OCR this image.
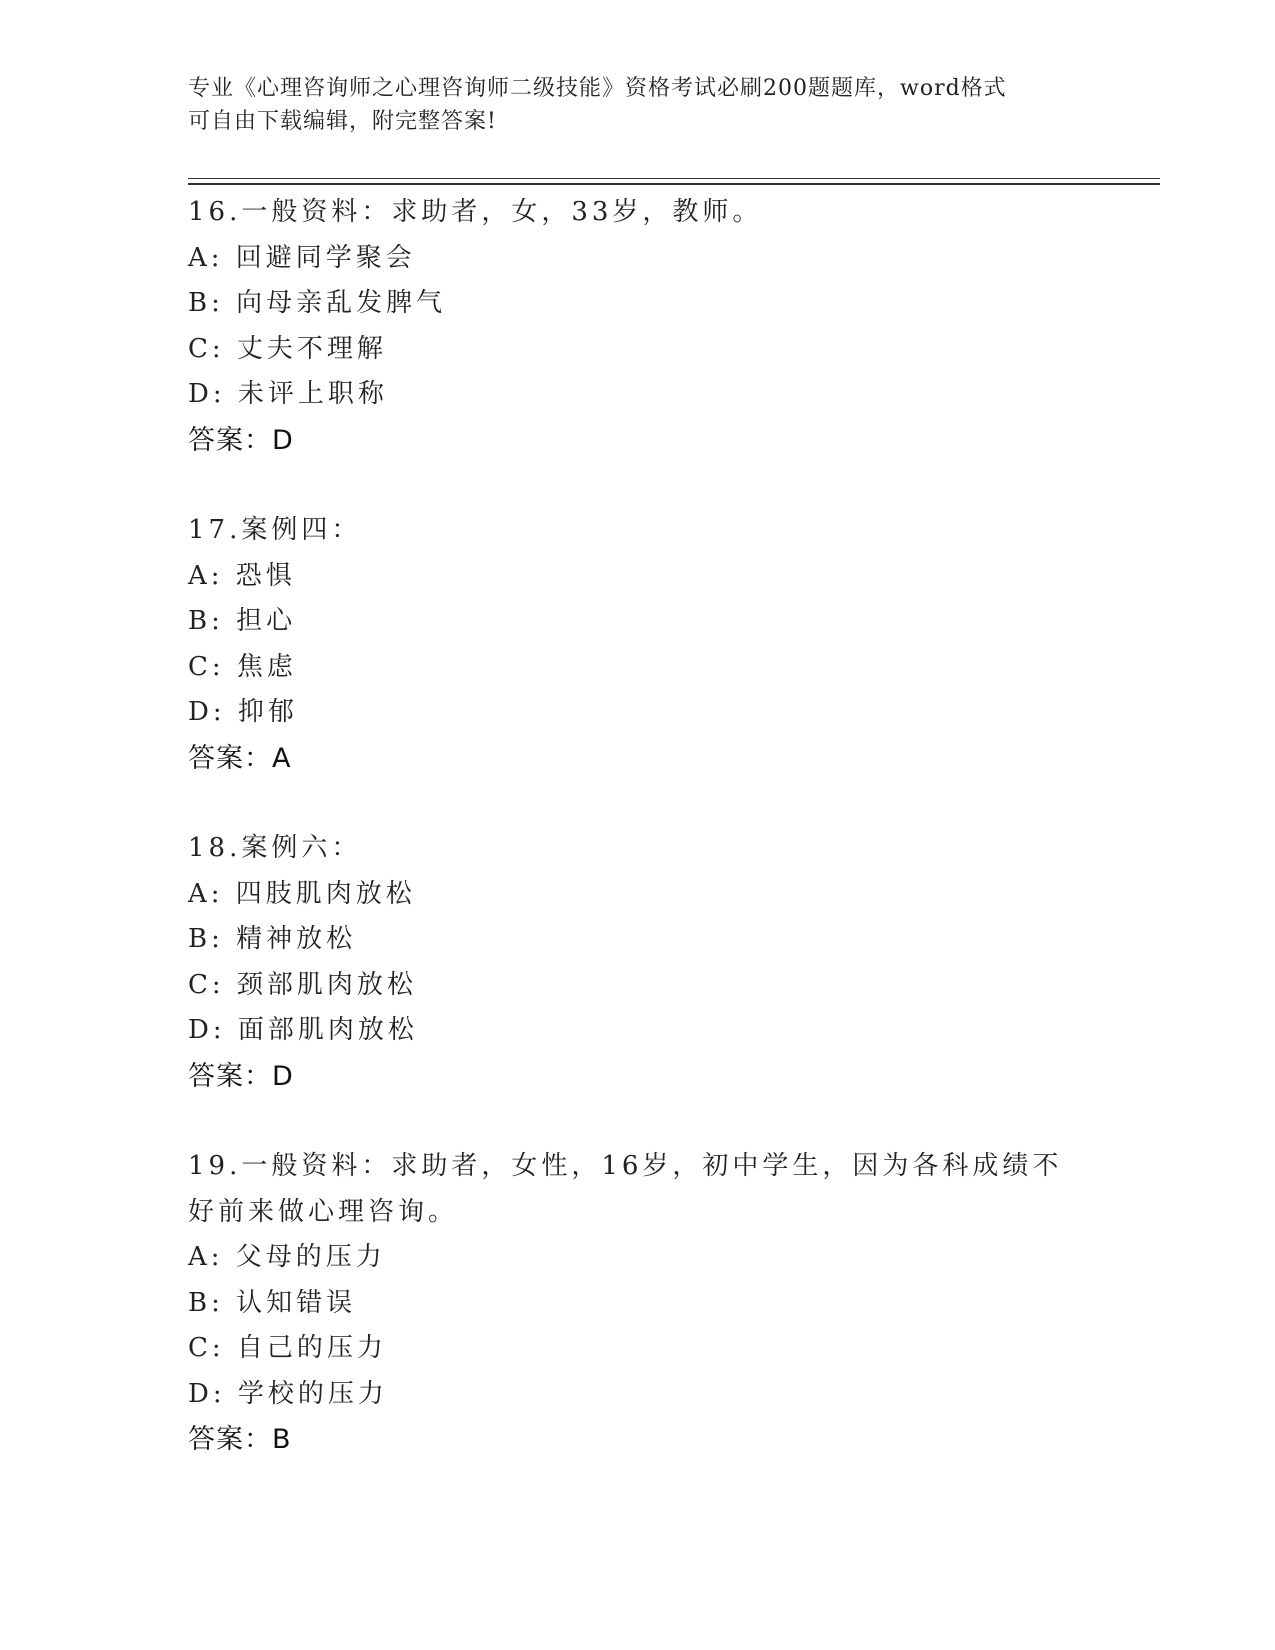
专业《心理咨询师之心理咨询师二级技能》资格考试必刷200题题库，word格式
可自由下载编辑，附完整答案!
16.一般资料：求助者，女，33岁，教师。
A: 回避同学聚会
B: 向母亲乱发脾气
C: 丈夫不理解
D: 未评上职称
答案：D
17.案例四：
A: 恐惧
B: 担心
C: 焦虑
D: 抑郁
答案：A
18.案例六：
A: 四肢肌肉放松
B: 精神放松
C: 颈部肌肉放松
D: 面部肌肉放松
答案：D
19.一般资料：求助者，女性，16岁，初中学生，因为各科成绩不好前来做心理咨询。
A: 父母的压力
B: 认知错误
C: 自己的压力
D: 学校的压力
答案：B
